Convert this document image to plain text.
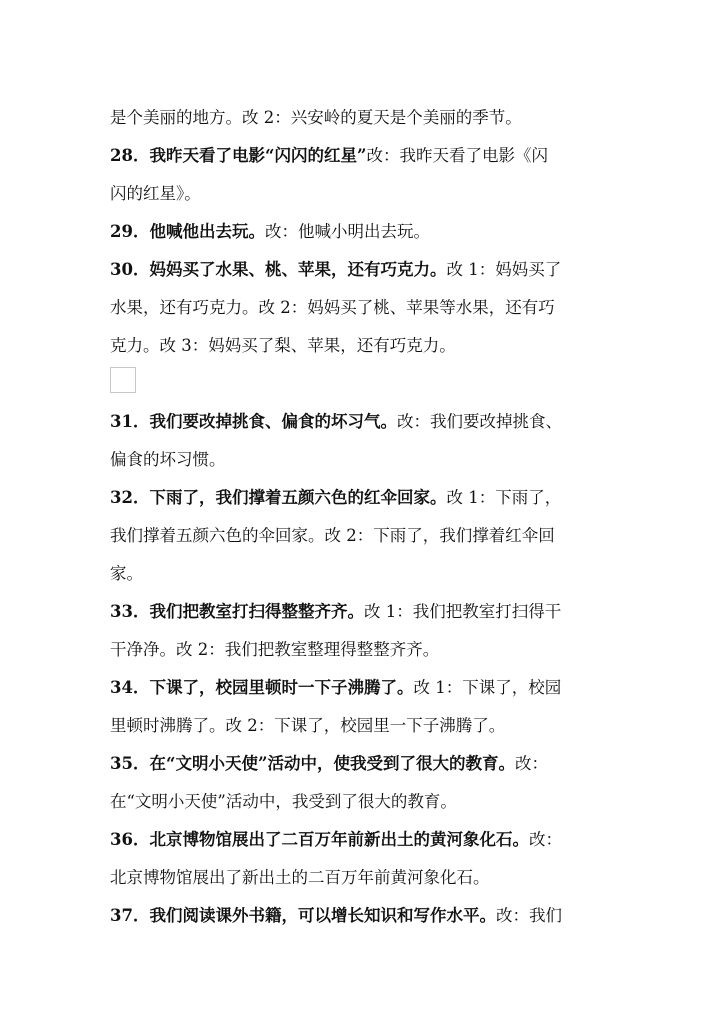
是个美丽的地方。改 2：兴安岭的夏天是个美丽的季节。
28．我昨天看了电影“闪闪的红星”改：我昨天看了电影《闪
闪的红星》。
29．他喊他出去玩。改：他喊小明出去玩。
30．妈妈买了水果、桃、苹果，还有巧克力。改 1：妈妈买了
水果，还有巧克力。改 2：妈妈买了桃、苹果等水果，还有巧
克力。改 3：妈妈买了梨、苹果，还有巧克力。
31．我们要改掉挑食、偏食的坏习气。改：我们要改掉挑食、
偏食的坏习惯。
32．下雨了，我们撑着五颜六色的红伞回家。改 1：下雨了，
我们撑着五颜六色的伞回家。改 2：下雨了，我们撑着红伞回
家。
33．我们把教室打扫得整整齐齐。改 1：我们把教室打扫得干
干净净。改 2：我们把教室整理得整整齐齐。
34．下课了，校园里顿时一下子沸腾了。改 1：下课了，校园
里顿时沸腾了。改 2：下课了，校园里一下子沸腾了。
35．在“文明小天使”活动中，使我受到了很大的教育。改：
在“文明小天使”活动中，我受到了很大的教育。
36．北京博物馆展出了二百万年前新出土的黄河象化石。改：
北京博物馆展出了新出土的二百万年前黄河象化石。
37．我们阅读课外书籍，可以增长知识和写作水平。改：我们
